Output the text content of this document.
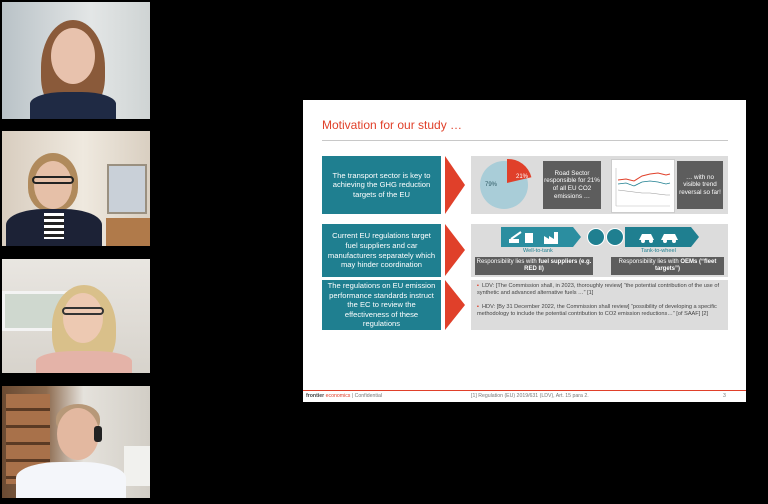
Motivation for our study …
The transport sector is key to achieving the GHG reduction targets of the EU
79%
21%
Road Sector responsible for 21% of all EU CO2 emissions …
… with no visible trend reversal so far!
Current EU regulations target fuel suppliers and car manufacturers separately which may hinder coordination
Well-to-tank	Tank-to-wheel
Responsibility lies with fuel suppliers (e.g. RED II)
Responsibility lies with OEMs (“fleet targets”)
The regulations on EU emission performance standards instruct the EC to review the effectiveness of these regulations
▪ LDV: [The Commission shall, in 2023, thoroughly review] “the potential contribution of the use of synthetic and advanced alternative fuels …” [1]
▪ HDV: [By 31 December 2022, the Commission shall review] “possibility of developing a specific methodology to include the potential contribution to CO2 emission reductions…” [of SAAF] [2]
frontier economics | Confidential	[1] Regulation (EU) 2019/631 (LDV), Art. 15 para 2.	3
